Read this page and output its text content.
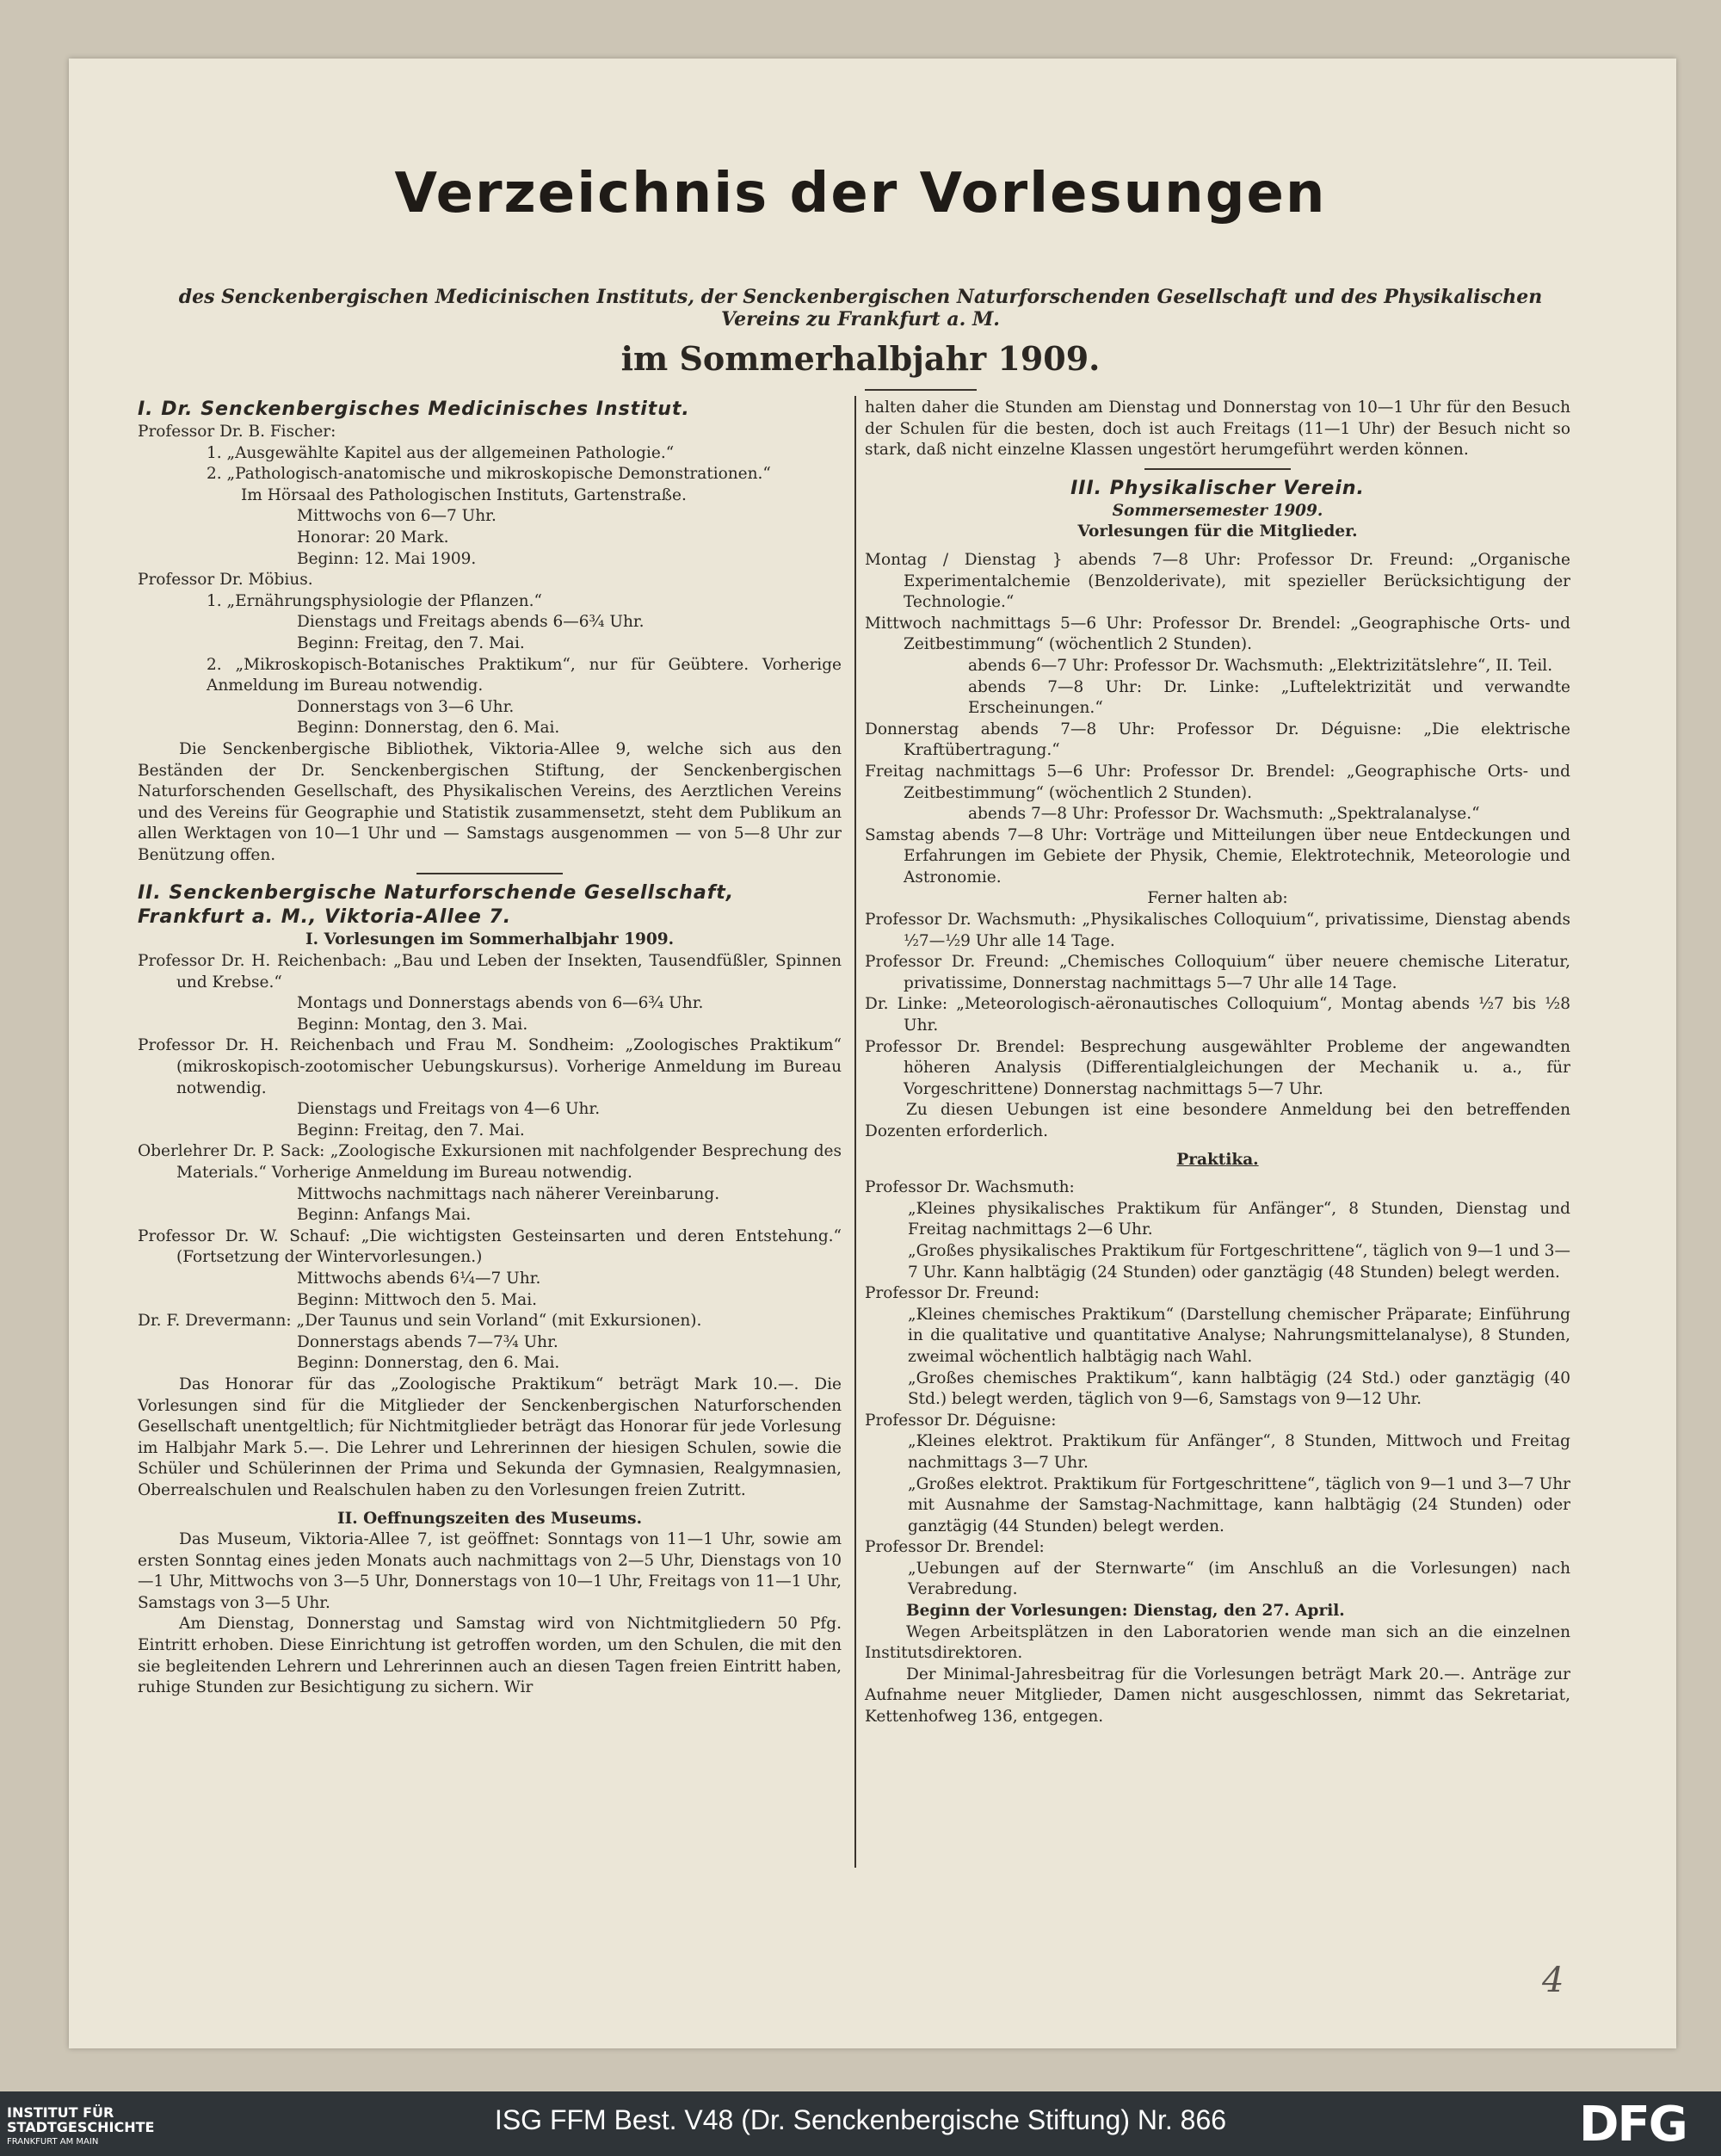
Verzeichnis der Vorlesungen
des Senckenbergischen Medicinischen Instituts, der Senckenbergischen Naturforschenden Gesellschaft und des Physikalischen Vereins zu Frankfurt a. M.
im Sommerhalbjahr 1909.

I. Dr. Senckenbergisches Medicinisches Institut.

Professor Dr. B. Fischer:

1. „Ausgewählte Kapitel aus der allgemeinen Pathologie.“

2. „Pathologisch-anatomische und mikroskopische Demonstrationen.“

Im Hörsaal des Pathologischen Instituts, Gartenstraße.

Mittwochs von 6—7 Uhr.

Honorar: 20 Mark.

Beginn: 12. Mai 1909.

Professor Dr. Möbius.

1. „Ernährungsphysiologie der Pflanzen.“

Dienstags und Freitags abends 6—6¾ Uhr.

Beginn: Freitag, den 7. Mai.

2. „Mikroskopisch-Botanisches Praktikum“, nur für Geübtere. Vorherige Anmeldung im Bureau notwendig.

Donnerstags von 3—6 Uhr.

Beginn: Donnerstag, den 6. Mai.

Die Senckenbergische Bibliothek, Viktoria-Allee 9, welche sich aus den Beständen der Dr. Senckenbergischen Stiftung, der Senckenbergischen Naturforschenden Gesellschaft, des Physikalischen Vereins, des Aerztlichen Vereins und des Vereins für Geographie und Statistik zusammensetzt, steht dem Publikum an allen Werktagen von 10—1 Uhr und — Samstags ausgenommen — von 5—8 Uhr zur Benützung offen.

II. Senckenbergische Naturforschende Gesellschaft, Frankfurt a. M., Viktoria-Allee 7.

I. Vorlesungen im Sommerhalbjahr 1909.

Professor Dr. H. Reichenbach: „Bau und Leben der Insekten, Tausendfüßler, Spinnen und Krebse.“

Montags und Donnerstags abends von 6—6¾ Uhr.

Beginn: Montag, den 3. Mai.

Professor Dr. H. Reichenbach und Frau M. Sondheim: „Zoologisches Praktikum“ (mikroskopisch-zootomischer Uebungskursus). Vorherige Anmeldung im Bureau notwendig.

Dienstags und Freitags von 4—6 Uhr.

Beginn: Freitag, den 7. Mai.

Oberlehrer Dr. P. Sack: „Zoologische Exkursionen mit nachfolgender Besprechung des Materials.“ Vorherige Anmeldung im Bureau notwendig.

Mittwochs nachmittags nach näherer Vereinbarung.

Beginn: Anfangs Mai.

Professor Dr. W. Schauf: „Die wichtigsten Gesteinsarten und deren Entstehung.“ (Fortsetzung der Wintervorlesungen.)

Mittwochs abends 6¼—7 Uhr.

Beginn: Mittwoch den 5. Mai.

Dr. F. Drevermann: „Der Taunus und sein Vorland“ (mit Exkursionen).

Donnerstags abends 7—7¾ Uhr.

Beginn: Donnerstag, den 6. Mai.

Das Honorar für das „Zoologische Praktikum“ beträgt Mark 10.—. Die Vorlesungen sind für die Mitglieder der Senckenbergischen Naturforschenden Gesellschaft unentgeltlich; für Nichtmitglieder beträgt das Honorar für jede Vorlesung im Halbjahr Mark 5.—. Die Lehrer und Lehrerinnen der hiesigen Schulen, sowie die Schüler und Schülerinnen der Prima und Sekunda der Gymnasien, Realgymnasien, Oberrealschulen und Realschulen haben zu den Vorlesungen freien Zutritt.

II. Oeffnungszeiten des Museums.

Das Museum, Viktoria-Allee 7, ist geöffnet: Sonntags von 11—1 Uhr, sowie am ersten Sonntag eines jeden Monats auch nachmittags von 2—5 Uhr, Dienstags von 10—1 Uhr, Mittwochs von 3—5 Uhr, Donnerstags von 10—1 Uhr, Freitags von 11—1 Uhr, Samstags von 3—5 Uhr.

Am Dienstag, Donnerstag und Samstag wird von Nichtmitgliedern 50 Pfg. Eintritt erhoben. Diese Einrichtung ist getroffen worden, um den Schulen, die mit den sie begleitenden Lehrern und Lehrerinnen auch an diesen Tagen freien Eintritt haben, ruhige Stunden zur Besichtigung zu sichern. Wir

halten daher die Stunden am Dienstag und Donnerstag von 10—1 Uhr für den Besuch der Schulen für die besten, doch ist auch Freitags (11—1 Uhr) der Besuch nicht so stark, daß nicht einzelne Klassen ungestört herumgeführt werden können.

III. Physikalischer Verein.

Sommersemester 1909.

Vorlesungen für die Mitglieder.

Montag / Dienstag } abends 7—8 Uhr: Professor Dr. Freund: „Organische Experimentalchemie (Benzolderivate), mit spezieller Berücksichtigung der Technologie.“

Mittwoch nachmittags 5—6 Uhr: Professor Dr. Brendel: „Geographische Orts- und Zeitbestimmung“ (wöchentlich 2 Stunden).

abends 6—7 Uhr: Professor Dr. Wachsmuth: „Elektrizitätslehre“, II. Teil.

abends 7—8 Uhr: Dr. Linke: „Luftelektrizität und verwandte Erscheinungen.“

Donnerstag abends 7—8 Uhr: Professor Dr. Déguisne: „Die elektrische Kraftübertragung.“

Freitag nachmittags 5—6 Uhr: Professor Dr. Brendel: „Geographische Orts- und Zeitbestimmung“ (wöchentlich 2 Stunden).

abends 7—8 Uhr: Professor Dr. Wachsmuth: „Spektralanalyse.“

Samstag abends 7—8 Uhr: Vorträge und Mitteilungen über neue Entdeckungen und Erfahrungen im Gebiete der Physik, Chemie, Elektrotechnik, Meteorologie und Astronomie.

Ferner halten ab:

Professor Dr. Wachsmuth: „Physikalisches Colloquium“, privatissime, Dienstag abends ½7—½9 Uhr alle 14 Tage.

Professor Dr. Freund: „Chemisches Colloquium“ über neuere chemische Literatur, privatissime, Donnerstag nachmittags 5—7 Uhr alle 14 Tage.

Dr. Linke: „Meteorologisch-aëronautisches Colloquium“, Montag abends ½7 bis ½8 Uhr.

Professor Dr. Brendel: Besprechung ausgewählter Probleme der angewandten höheren Analysis (Differentialgleichungen der Mechanik u. a., für Vorgeschrittene) Donnerstag nachmittags 5—7 Uhr.

Zu diesen Uebungen ist eine besondere Anmeldung bei den betreffenden Dozenten erforderlich.

Praktika.

Professor Dr. Wachsmuth:

„Kleines physikalisches Praktikum für Anfänger“, 8 Stunden, Dienstag und Freitag nachmittags 2—6 Uhr.

„Großes physikalisches Praktikum für Fortgeschrittene“, täglich von 9—1 und 3—7 Uhr. Kann halbtägig (24 Stunden) oder ganztägig (48 Stunden) belegt werden.

Professor Dr. Freund:

„Kleines chemisches Praktikum“ (Darstellung chemischer Präparate; Einführung in die qualitative und quantitative Analyse; Nahrungsmittelanalyse), 8 Stunden, zweimal wöchentlich halbtägig nach Wahl.

„Großes chemisches Praktikum“, kann halbtägig (24 Std.) oder ganztägig (40 Std.) belegt werden, täglich von 9—6, Samstags von 9—12 Uhr.

Professor Dr. Déguisne:

„Kleines elektrot. Praktikum für Anfänger“, 8 Stunden, Mittwoch und Freitag nachmittags 3—7 Uhr.

„Großes elektrot. Praktikum für Fortgeschrittene“, täglich von 9—1 und 3—7 Uhr mit Ausnahme der Samstag-Nachmittage, kann halbtägig (24 Stunden) oder ganztägig (44 Stunden) belegt werden.

Professor Dr. Brendel:

„Uebungen auf der Sternwarte“ (im Anschluß an die Vorlesungen) nach Verabredung.

Beginn der Vorlesungen: Dienstag, den 27. April.

Wegen Arbeitsplätzen in den Laboratorien wende man sich an die einzelnen Institutsdirektoren.

Der Minimal-Jahresbeitrag für die Vorlesungen beträgt Mark 20.—. Anträge zur Aufnahme neuer Mitglieder, Damen nicht ausgeschlossen, nimmt das Sekretariat, Kettenhofweg 136, entgegen.

4
INSTITUT FÜR
STADTGESCHICHTE
FRANKFURT AM MAIN
ISG FFM Best. V48 (Dr. Senckenbergische Stiftung) Nr. 866	DFG
